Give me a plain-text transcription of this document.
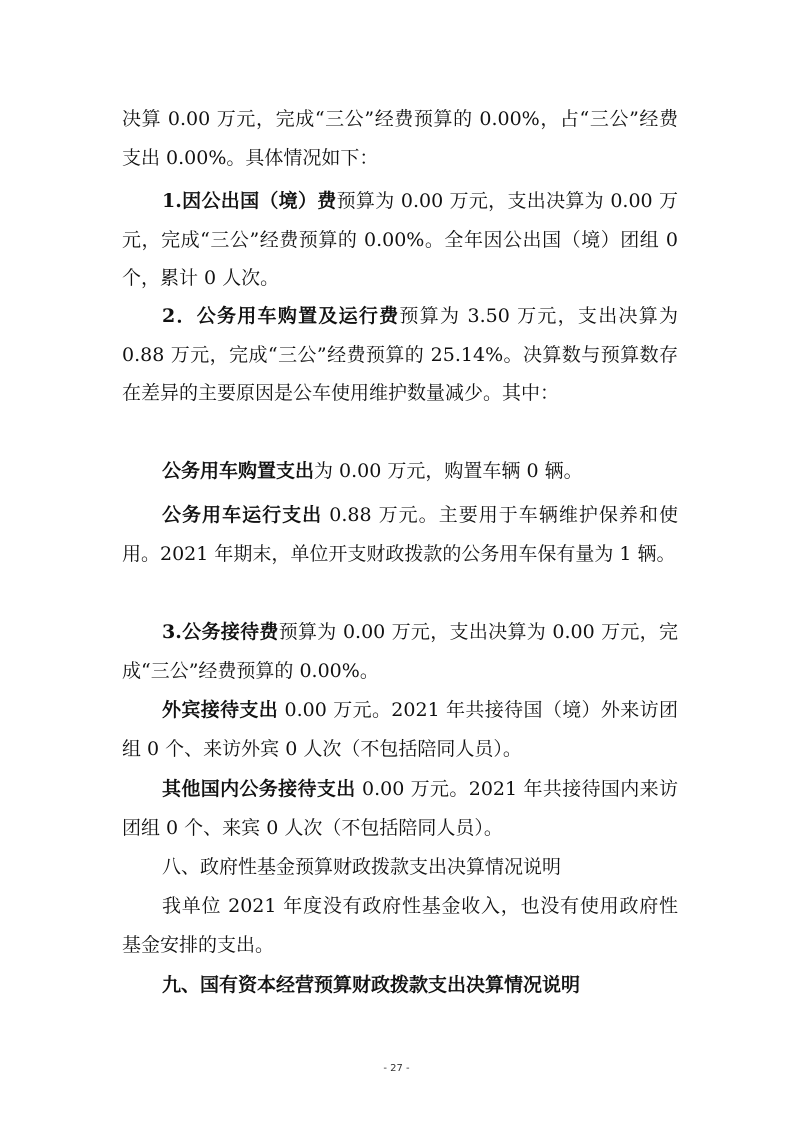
决算 0.00 万元，完成“三公”经费预算的 0.00%，占“三公”经费支出 0.00%。具体情况如下：

1.因公出国（境）费预算为 0.00 万元，支出决算为 0.00 万元，完成“三公”经费预算的 0.00%。全年因公出国（境）团组 0 个，累计 0 人次。

2．公务用车购置及运行费预算为 3.50 万元，支出决算为 0.88 万元，完成“三公”经费预算的 25.14%。决算数与预算数存在差异的主要原因是公车使用维护数量减少。其中：

公务用车购置支出为 0.00 万元，购置车辆 0 辆。

公务用车运行支出 0.88 万元。主要用于车辆维护保养和使用。2021 年期末，单位开支财政拨款的公务用车保有量为 1 辆。

3.公务接待费预算为 0.00 万元，支出决算为 0.00 万元，完成“三公”经费预算的 0.00%。

外宾接待支出 0.00 万元。2021 年共接待国（境）外来访团组 0 个、来访外宾 0 人次（不包括陪同人员）。

其他国内公务接待支出 0.00 万元。2021 年共接待国内来访团组 0 个、来宾 0 人次（不包括陪同人员）。

八、政府性基金预算财政拨款支出决算情况说明

我单位 2021 年度没有政府性基金收入，也没有使用政府性基金安排的支出。

九、国有资本经营预算财政拨款支出决算情况说明

- 27 -
